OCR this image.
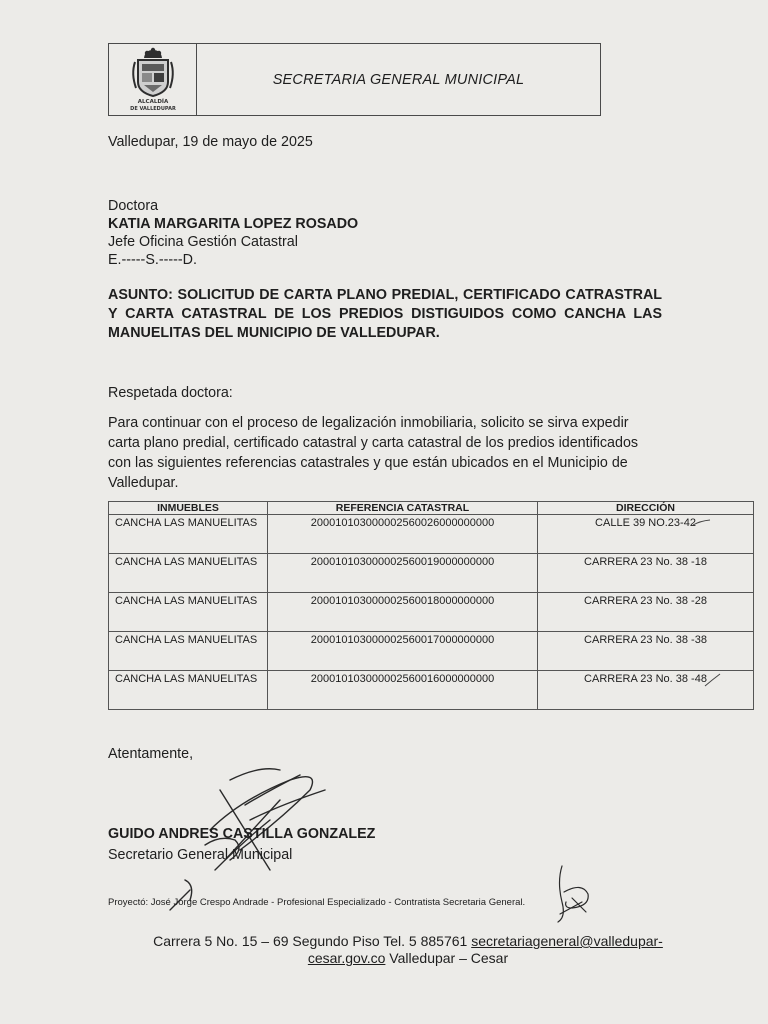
ALCALDÍA
DE VALLEDUPAR
SECRETARIA GENERAL MUNICIPAL
Valledupar, 19 de mayo de 2025
Doctora
KATIA MARGARITA LOPEZ ROSADO
Jefe Oficina Gestión Catastral
E.-----S.-----D.
ASUNTO: SOLICITUD DE CARTA PLANO PREDIAL, CERTIFICADO CATRASTRAL Y CARTA CATASTRAL DE LOS PREDIOS DISTIGUIDOS COMO CANCHA LAS MANUELITAS DEL MUNICIPIO DE VALLEDUPAR.
Respetada doctora:
Para continuar con el proceso de legalización inmobiliaria, solicito se sirva expedir carta plano predial, certificado catastral y carta catastral de los predios identificados con las siguientes referencias catastrales y que están ubicados en el Municipio de Valledupar.
INMUEBLES	REFERENCIA CATASTRAL	DIRECCIÓN
CANCHA LAS MANUELITAS	200010103000002560026000000000	CALLE 39 NO.23-42
CANCHA LAS MANUELITAS	200010103000002560019000000000	CARRERA 23 No. 38 -18
CANCHA LAS MANUELITAS	200010103000002560018000000000	CARRERA 23 No. 38 -28
CANCHA LAS MANUELITAS	200010103000002560017000000000	CARRERA 23 No. 38 -38
CANCHA LAS MANUELITAS	200010103000002560016000000000	CARRERA 23 No. 38 -48
Atentamente,
GUIDO ANDRES CASTILLA GONZALEZ
Secretario General Municipal
Proyectó: José Jorge Crespo Andrade - Profesional Especializado - Contratista Secretaria General.
Carrera 5 No. 15 – 69 Segundo Piso Tel. 5 885761 secretariageneral@valledupar-
cesar.gov.co Valledupar – Cesar
